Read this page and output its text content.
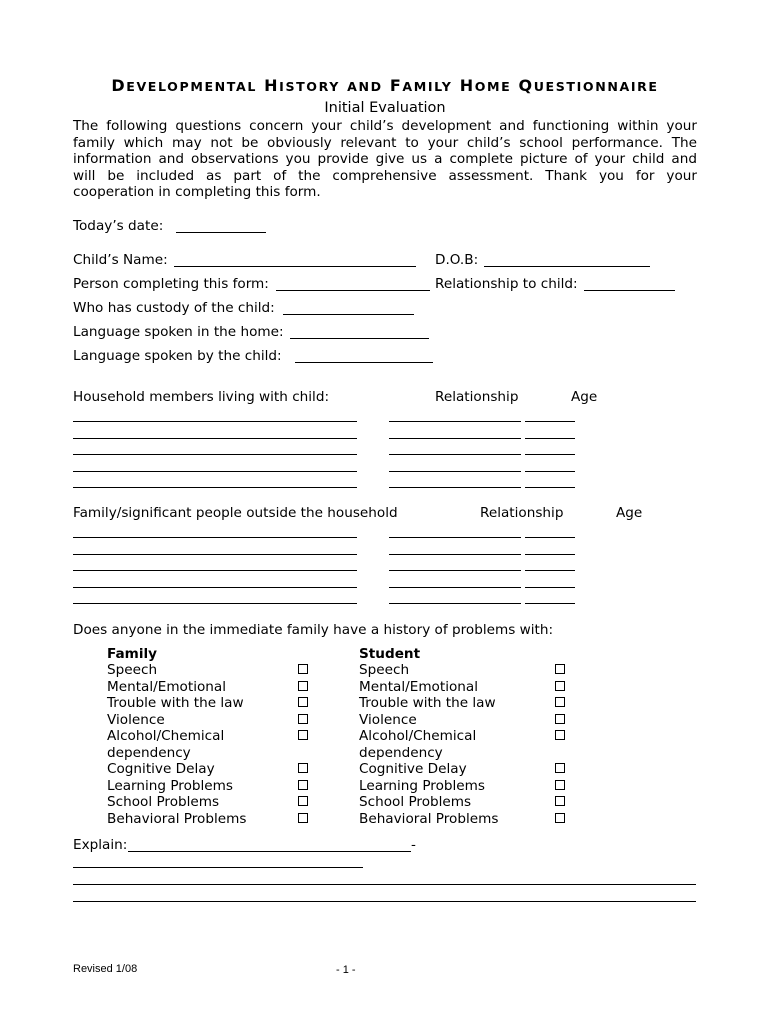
DEVELOPMENTAL HISTORY AND FAMILY HOME QUESTIONNAIRE
Initial Evaluation
The following questions concern your child’s development and functioning within your
family which may not be obviously relevant to your child’s school performance. The
information and observations you provide give us a complete picture of your child and
will be included as part of the comprehensive assessment. Thank you for your
cooperation in completing this form.
Today’s date:
Child’s Name:	D.O.B:
Person completing this form:	Relationship to child:
Who has custody of the child:
Language spoken in the home:
Language spoken by the child:
Household members living with child:	Relationship	Age
Family/significant people outside the household	Relationship	Age
Does anyone in the immediate family have a history of problems with:
Family	Student
Speech	Speech
Mental/Emotional	Mental/Emotional
Trouble with the law	Trouble with the law
Violence	Violence
Alcohol/Chemical	Alcohol/Chemical
dependency	dependency
Cognitive Delay	Cognitive Delay
Learning Problems	Learning Problems
School Problems	School Problems
Behavioral Problems	Behavioral Problems
Explain:	-
Revised 1/08	- 1 -
